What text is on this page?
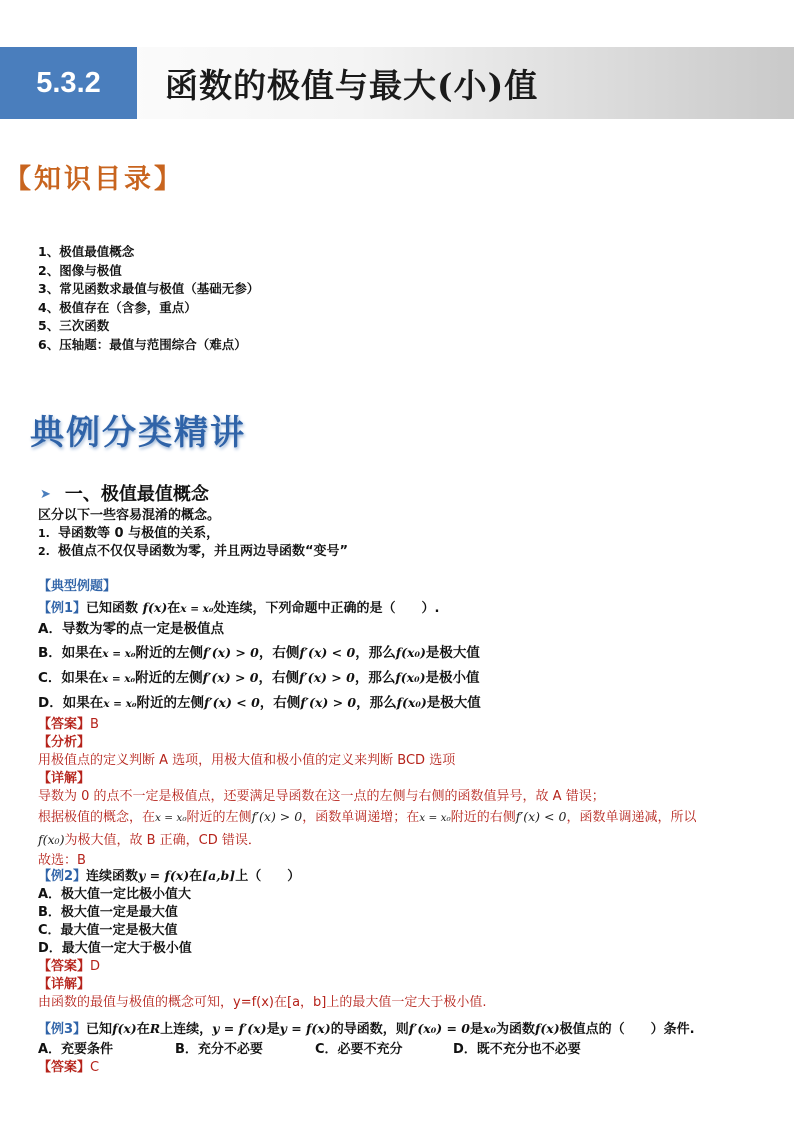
5.3.2	函数的极值与最大(小)值
【知识目录】
1、极值最值概念
2、图像与极值
3、常见函数求最值与极值（基础无参）
4、极值存在（含参，重点）
5、三次函数
6、压轴题：最值与范围综合（难点）
典例分类精讲
➤ 一、极值最值概念
区分以下一些容易混淆的概念。
1. 导函数等 0 与极值的关系，
2. 极值点不仅仅导函数为零，并且两边导函数“变号”
【典型例题】
【例1】已知函数 f(x)在x = x₀处连续，下列命题中正确的是（　　）.
A．导数为零的点一定是极值点
B．如果在x = x₀附近的左侧f′(x) > 0，右侧f′(x) < 0，那么f(x₀)是极大值
C．如果在x = x₀附近的左侧f′(x) > 0，右侧f′(x) > 0，那么f(x₀)是极小值
D．如果在x = x₀附近的左侧f′(x) < 0，右侧f′(x) > 0，那么f(x₀)是极大值
【答案】B
【分析】
用极值点的定义判断 A 选项，用极大值和极小值的定义来判断 BCD 选项
【详解】
导数为 0 的点不一定是极值点，还要满足导函数在这一点的左侧与右侧的函数值异号，故 A 错误；
根据极值的概念，在x = x₀附近的左侧f′(x) > 0，函数单调递增；在x = x₀附近的右侧f′(x) < 0，函数单调递减，所以
f(x₀)为极大值，故 B 正确，CD 错误．
故选：B
【例2】连续函数y = f(x)在[a,b]上（　　）
A．极大值一定比极小值大
B．极大值一定是最大值
C．最大值一定是极大值
D．最大值一定大于极小值
【答案】D
【详解】
由函数的最值与极值的概念可知，y=f(x)在[a，b]上的最大值一定大于极小值.
【例3】已知f(x)在R上连续，y = f′(x)是y = f(x)的导函数，则f′(x₀) = 0是x₀为函数f(x)极值点的（　　）条件.
A．充要条件	B．充分不必要	C．必要不充分	D．既不充分也不必要
【答案】C
